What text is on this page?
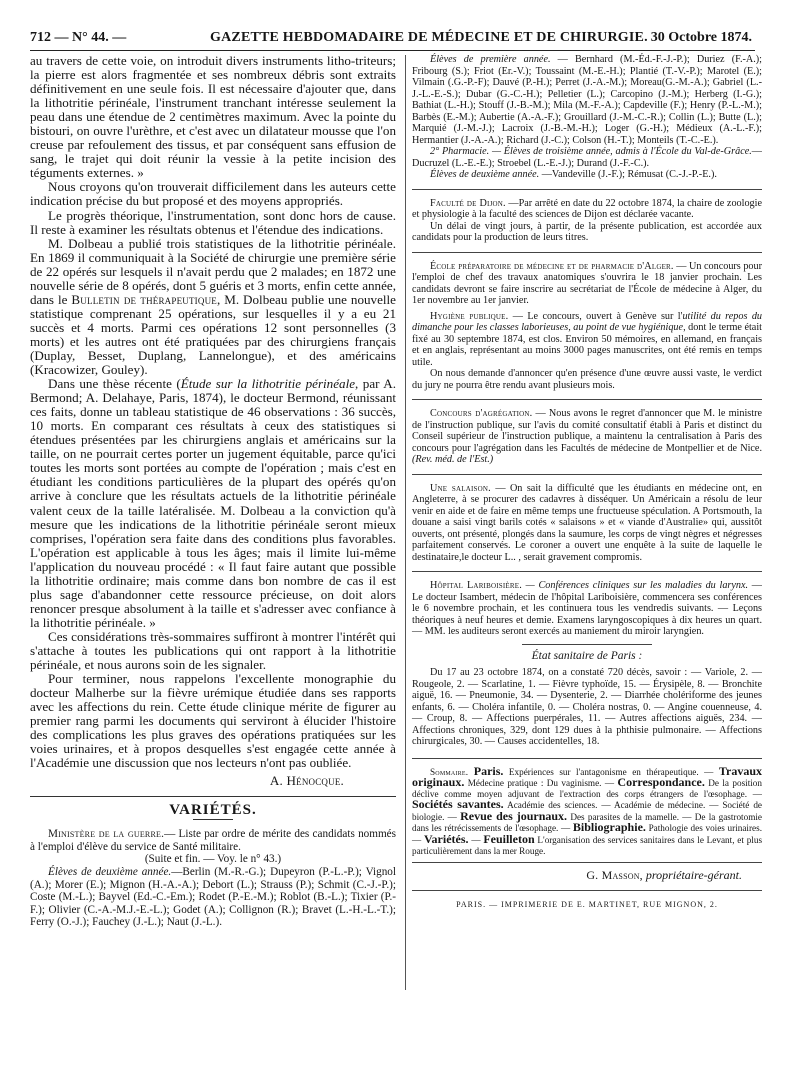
712 — N° 44. —	GAZETTE HEBDOMADAIRE DE MÉDECINE ET DE CHIRURGIE. 30 Octobre 1874.

au travers de cette voie, on introduit divers instruments litho-triteurs; la pierre est alors fragmentée et ses nombreux débris sont extraits définitivement en une seule fois. Il est nécessaire d'ajouter que, dans la lithotritie périnéale, l'instrument tranchant intéresse seulement la peau dans une étendue de 2 centimètres maximum. Avec la pointe du bistouri, on ouvre l'urèthre, et c'est avec un dilatateur mousse que l'on creuse par refoulement des tissus, et par conséquent sans effusion de sang, le trajet qui doit réunir la vessie à la petite incision des téguments externes. »

Nous croyons qu'on trouverait difficilement dans les auteurs cette indication précise du but proposé et des moyens appropriés.

Le progrès théorique, l'instrumentation, sont donc hors de cause. Il reste à examiner les résultats obtenus et l'étendue des indications.

M. Dolbeau a publié trois statistiques de la lithotritie périnéale. En 1869 il communiquait à la Société de chirurgie une première série de 22 opérés sur lesquels il n'avait perdu que 2 malades; en 1872 une nouvelle série de 8 opérés, dont 5 guéris et 3 morts, enfin cette année, dans le Bulletin de thérapeutique, M. Dolbeau publie une nouvelle statistique comprenant 25 opérations, sur lesquelles il y a eu 21 succès et 4 morts. Parmi ces opérations 12 sont personnelles (3 morts) et les autres ont été pratiquées par des chirurgiens français (Duplay, Besset, Duplang, Lannelongue), et des américains (Kracowizer, Gouley).

Dans une thèse récente (Étude sur la lithotritie périnéale, par A. Bermond; A. Delahaye, Paris, 1874), le docteur Bermond, réunissant ces faits, donne un tableau statistique de 46 observations : 36 succès, 10 morts. En comparant ces résultats à ceux des statistiques si étendues présentées par les chirurgiens anglais et américains sur la taille, on ne pourrait certes porter un jugement équitable, parce qu'ici toutes les morts sont portées au compte de l'opération ; mais c'est en étudiant les conditions particulières de la plupart des opérés qu'on arrive à conclure que les résultats actuels de la lithotritie périnéale valent ceux de la taille latéralisée. M. Dolbeau a la conviction qu'à mesure que les indications de la lithotritie périnéale seront mieux comprises, l'opération sera faite dans des conditions plus favorables. L'opération est applicable à tous les âges; mais il limite lui-même l'application du nouveau procédé : « Il faut faire autant que possible la lithotritie ordinaire; mais comme dans bon nombre de cas il est plus sage d'abandonner cette ressource précieuse, on doit alors renoncer presque absolument à la taille et s'adresser avec confiance à la lithotritie périnéale. »

Ces considérations très-sommaires suffiront à montrer l'intérêt qui s'attache à toutes les publications qui ont rapport à la lithotritie périnéale, et nous aurons soin de les signaler.

Pour terminer, nous rappelons l'excellente monographie du docteur Malherbe sur la fièvre urémique étudiée dans ses rapports avec les affections du rein. Cette étude clinique mérite de figurer au premier rang parmi les documents qui serviront à élucider l'histoire des complications les plus graves des opérations pratiquées sur les voies urinaires, et à propos desquelles s'est engagée cette année à l'Académie une discussion que nos lecteurs n'ont pas oubliée.

A. Hénocque.

VARIÉTÉS.

Ministère de la guerre.— Liste par ordre de mérite des candidats nommés à l'emploi d'élève du service de Santé militaire.

(Suite et fin. — Voy. le n° 43.)

Élèves de deuxième année.—Berlin (M.-R.-G.); Dupeyron (P.-L.-P.); Vignol (A.); Morer (E.); Mignon (H.-A.-A.); Debort (L.); Strauss (P.); Schmit (C.-J.-P.); Coste (M.-L.); Bayvel (Ed.-C.-Em.); Rodet (P.-E.-M.); Roblot (B.-L.); Tixier (P.-F.); Olivier (C.-A.-M.J.-E.-L.); Godet (A.); Collignon (R.); Bravet (L.-H.-L.-T.); Ferry (O.-J.); Fauchey (J.-L.); Naut (J.-L.).

Élèves de première année. — Bernhard (M.-Éd.-F.-J.-P.); Duriez (F.-A.); Fribourg (S.); Friot (Er.-V.); Toussaint (M.-E.-H.); Plantié (T.-V.-P.); Marotel (E.); Vilmain (.G.-P.-F); Dauvé (P.-H.); Perret (J.-A.-M.); Moreau(G.-M.-A.); Gabriel (L.-J.-L.-E.-S.); Dubar (G.-C.-H.); Pelletier (L.); Carcopino (J.-M.); Herberg (I.-G.); Bathiat (L.-H.); Stouff (J.-B.-M.); Mila (M.-F.-A.); Capdeville (F.); Henry (P.-L.-M.); Barbès (E.-M.); Aubertie (A.-A.-F.); Grouillard (J.-M.-C.-R.); Collin (L.); Butte (L.); Marquié (J.-M.-J.); Lacroix (J.-B.-M.-H.); Loger (G.-H.); Médieux (A.-L.-F.); Hermantier (J.-A.-A.); Richard (J.-C.); Colson (H.-T.); Monteils (T.-C.-E.).

2° Pharmacie. — Élèves de troisième année, admis à l'École du Val-de-Grâce.—Ducruzel (L.-E.-E.); Stroebel (L.-E.-J.); Durand (J.-F.-C.).

Élèves de deuxième année. —Vandeville (J.-F.); Rémusat (C.-J.-P.-E.).

Faculté de Dijon. —Par arrêté en date du 22 octobre 1874, la chaire de zoologie et physiologie à la faculté des sciences de Dijon est déclarée vacante.

Un délai de vingt jours, à partir, de la présente publication, est accordée aux candidats pour la production de leurs titres.

École préparatoire de médecine et de pharmacie d'Alger. — Un concours pour l'emploi de chef des travaux anatomiques s'ouvrira le 18 janvier prochain. Les candidats devront se faire inscrire au secrétariat de l'École de médecine à Alger, du 1er novembre au 1er janvier.

Hygiène publique. — Le concours, ouvert à Genève sur l'utilité du repos du dimanche pour les classes laborieuses, au point de vue hygiénique, dont le terme était fixé au 30 septembre 1874, est clos. Environ 50 mémoires, en allemand, en français et en anglais, représentant au moins 3000 pages manuscrites, ont été remis en temps utile.

On nous demande d'annoncer qu'en présence d'une œuvre aussi vaste, le verdict du jury ne pourra être rendu avant plusieurs mois.

Concours d'agrégation. — Nous avons le regret d'annoncer que M. le ministre de l'instruction publique, sur l'avis du comité consultatif établi à Paris et distinct du Conseil supérieur de l'instruction publique, a maintenu la centralisation à Paris des concours pour l'agrégation dans les Facultés de médecine de Montpellier et de Nice. (Rev. méd. de l'Est.)

Une salaison. — On sait la difficulté que les étudiants en médecine ont, en Angleterre, à se procurer des cadavres à disséquer. Un Américain a résolu de leur venir en aide et de faire en même temps une fructueuse spéculation. A Portsmouth, la douane a saisi vingt barils cotés « salaisons » et « viande d'Australie» qui, aussitôt ouverts, ont présenté, plongés dans la saumure, les corps de vingt nègres et négresses parfaitement conservés. Le coroner a ouvert une enquête à la suite de laquelle le destinataire,le docteur L.. , serait gravement compromis.

Hôpital Lariboisière. — Conférences cliniques sur les maladies du larynx. — Le docteur Isambert, médecin de l'hôpital Lariboisière, commencera ses conférences le 6 novembre prochain, et les continuera tous les vendredis suivants. — Leçons théoriques à neuf heures et demie. Examens laryngoscopiques à dix heures un quart. — MM. les auditeurs seront exercés au maniement du miroir laryngien.

État sanitaire de Paris :

Du 17 au 23 octobre 1874, on a constaté 720 décès, savoir : — Variole, 2. — Rougeole, 2. — Scarlatine, 1. — Fièvre typhoïde, 15. — Érysipèle, 8. — Bronchite aiguë, 16. — Pneumonie, 34. — Dysenterie, 2. — Diarrhée cholériforme des jeunes enfants, 6. — Choléra infantile, 0. — Choléra nostras, 0. — Angine couenneuse, 4. — Croup, 8. — Affections puerpérales, 11. — Autres affections aiguës, 234. — Affections chroniques, 329, dont 129 dues à la phthisie pulmonaire. — Affections chirurgicales, 30. — Causes accidentelles, 18.

Sommaire. Paris. Expériences sur l'antagonisme en thérapeutique. — Travaux originaux. Médecine pratique : Du vaginisme. — Correspondance. De la position déclive comme moyen adjuvant de l'extraction des corps étrangers de l'œsophage. — Sociétés savantes. Académie des sciences. — Académie de médecine. — Société de biologie. — Revue des journaux. Des parasites de la mamelle. — De la gastrotomie dans les rétrécissements de l'œsophage. — Bibliographie. Pathologie des voies urinaires. — Variétés. — Feuilleton L'organisation des services sanitaires dans le Levant, et plus particulièrement dans la mer Rouge.

G. Masson, propriétaire-gérant.

PARIS. — IMPRIMERIE DE E. MARTINET, RUE MIGNON, 2.
